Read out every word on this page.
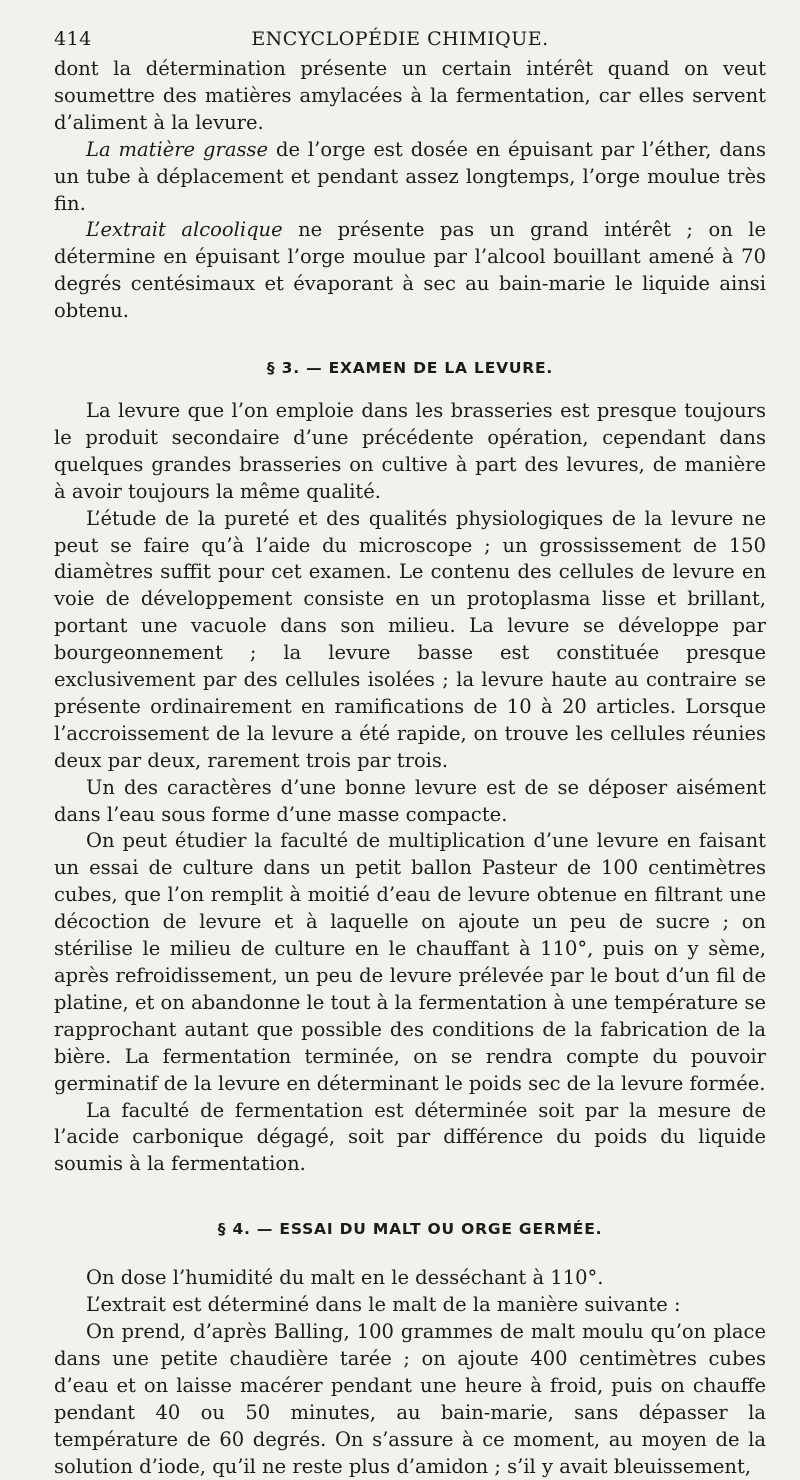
414	ENCYCLOPÉDIE CHIMIQUE.

dont la détermination présente un certain intérêt quand on veut soumettre des matières amylacées à la fermentation, car elles servent d’aliment à la levure.

La matière grasse de l’orge est dosée en épuisant par l’éther, dans un tube à déplacement et pendant assez longtemps, l’orge moulue très fin.

L’extrait alcoolique ne présente pas un grand intérêt ; on le détermine en épuisant l’orge moulue par l’alcool bouillant amené à 70 degrés centésimaux et évaporant à sec au bain-marie le liquide ainsi obtenu.

§ 3. — EXAMEN DE LA LEVURE.

La levure que l’on emploie dans les brasseries est presque toujours le produit secondaire d’une précédente opération, cependant dans quelques grandes brasseries on cultive à part des levures, de manière à avoir toujours la même qualité.

L’étude de la pureté et des qualités physiologiques de la levure ne peut se faire qu’à l’aide du microscope ; un grossissement de 150 diamètres suffit pour cet examen. Le contenu des cellules de levure en voie de développement consiste en un protoplasma lisse et brillant, portant une vacuole dans son milieu. La levure se développe par bourgeonnement ; la levure basse est constituée presque exclusivement par des cellules isolées ; la levure haute au contraire se présente ordinairement en ramifications de 10 à 20 articles. Lorsque l’accroissement de la levure a été rapide, on trouve les cellules réunies deux par deux, rarement trois par trois.

Un des caractères d’une bonne levure est de se déposer aisément dans l’eau sous forme d’une masse compacte.

On peut étudier la faculté de multiplication d’une levure en faisant un essai de culture dans un petit ballon Pasteur de 100 centimètres cubes, que l’on remplit à moitié d’eau de levure obtenue en filtrant une décoction de levure et à laquelle on ajoute un peu de sucre ; on stérilise le milieu de culture en le chauffant à 110°, puis on y sème, après refroidissement, un peu de levure prélevée par le bout d’un fil de platine, et on abandonne le tout à la fermentation à une température se rapprochant autant que possible des conditions de la fabrication de la bière. La fermentation terminée, on se rendra compte du pouvoir germinatif de la levure en déterminant le poids sec de la levure formée.

La faculté de fermentation est déterminée soit par la mesure de l’acide carbonique dégagé, soit par différence du poids du liquide soumis à la fermentation.

§ 4. — ESSAI DU MALT OU ORGE GERMÉE.

On dose l’humidité du malt en le desséchant à 110°.

L’extrait est déterminé dans le malt de la manière suivante :

On prend, d’après Balling, 100 grammes de malt moulu qu’on place dans une petite chaudière tarée ; on ajoute 400 centimètres cubes d’eau et on laisse macérer pendant une heure à froid, puis on chauffe pendant 40 ou 50 minutes, au bain-marie, sans dépasser la température de 60 degrés. On s’assure à ce moment, au moyen de la solution d’iode, qu’il ne reste plus d’amidon ; s’il y avait bleuissement,
